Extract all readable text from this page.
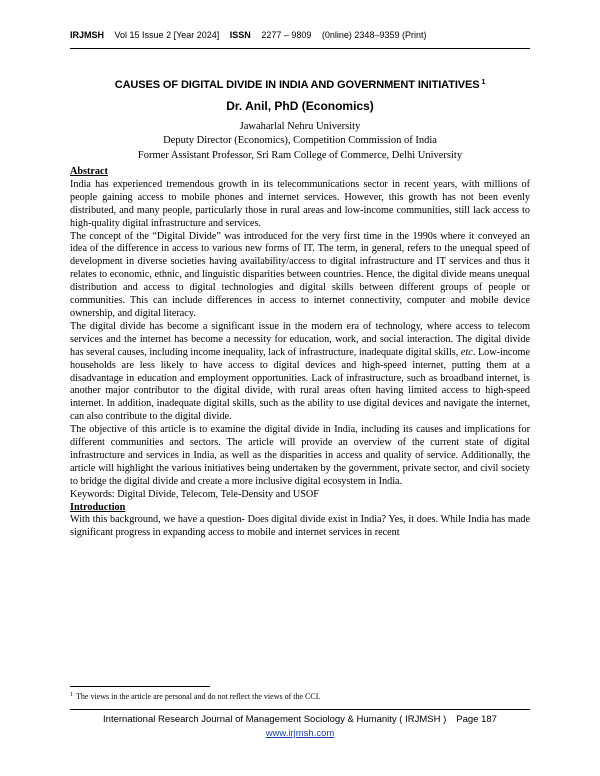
IRJMSH Vol 15 Issue 2 [Year 2024] ISSN 2277 – 9809 (0nline) 2348–9359 (Print)
CAUSES OF DIGITAL DIVIDE IN INDIA AND GOVERNMENT INITIATIVES $^1$
Dr. Anil, PhD (Economics)
Jawaharlal Nehru University
Deputy Director (Economics), Competition Commission of India
Former Assistant Professor, Sri Ram College of Commerce, Delhi University

Abstract

India has experienced tremendous growth in its telecommunications sector in recent years, with millions of people gaining access to mobile phones and internet services. However, this growth has not been evenly distributed, and many people, particularly those in rural areas and low-income communities, still lack access to high-quality digital infrastructure and services.

The concept of the “Digital Divide” was introduced for the very first time in the 1990s where it conveyed an idea of the difference in access to various new forms of IT. The term, in general, refers to the unequal speed of development in diverse societies having availability/access to digital infrastructure and IT services and thus it relates to economic, ethnic, and linguistic disparities between countries. Hence, the digital divide means unequal distribution and access to digital technologies and digital skills between different groups of people or communities. This can include differences in access to internet connectivity, computer and mobile device ownership, and digital literacy.

The digital divide has become a significant issue in the modern era of technology, where access to telecom services and the internet has become a necessity for education, work, and social interaction. The digital divide has several causes, including income inequality, lack of infrastructure, inadequate digital skills, etc. Low-income households are less likely to have access to digital devices and high-speed internet, putting them at a disadvantage in education and employment opportunities. Lack of infrastructure, such as broadband internet, is another major contributor to the digital divide, with rural areas often having limited access to high-speed internet. In addition, inadequate digital skills, such as the ability to use digital devices and navigate the internet, can also contribute to the digital divide.

The objective of this article is to examine the digital divide in India, including its causes and implications for different communities and sectors. The article will provide an overview of the current state of digital infrastructure and services in India, as well as the disparities in access and quality of service. Additionally, the article will highlight the various initiatives being undertaken by the government, private sector, and civil society to bridge the digital divide and create a more inclusive digital ecosystem in India.

Keywords: Digital Divide, Telecom, Tele-Density and USOF

Introduction

With this background, we have a question- Does digital divide exist in India? Yes, it does. While India has made significant progress in expanding access to mobile and internet services in recent

$^1$ The views in the article are personal and do not reflect the views of the CCI.
International Research Journal of Management Sociology & Humanity ( IRJMSH ) Page 187
www.irjmsh.com
